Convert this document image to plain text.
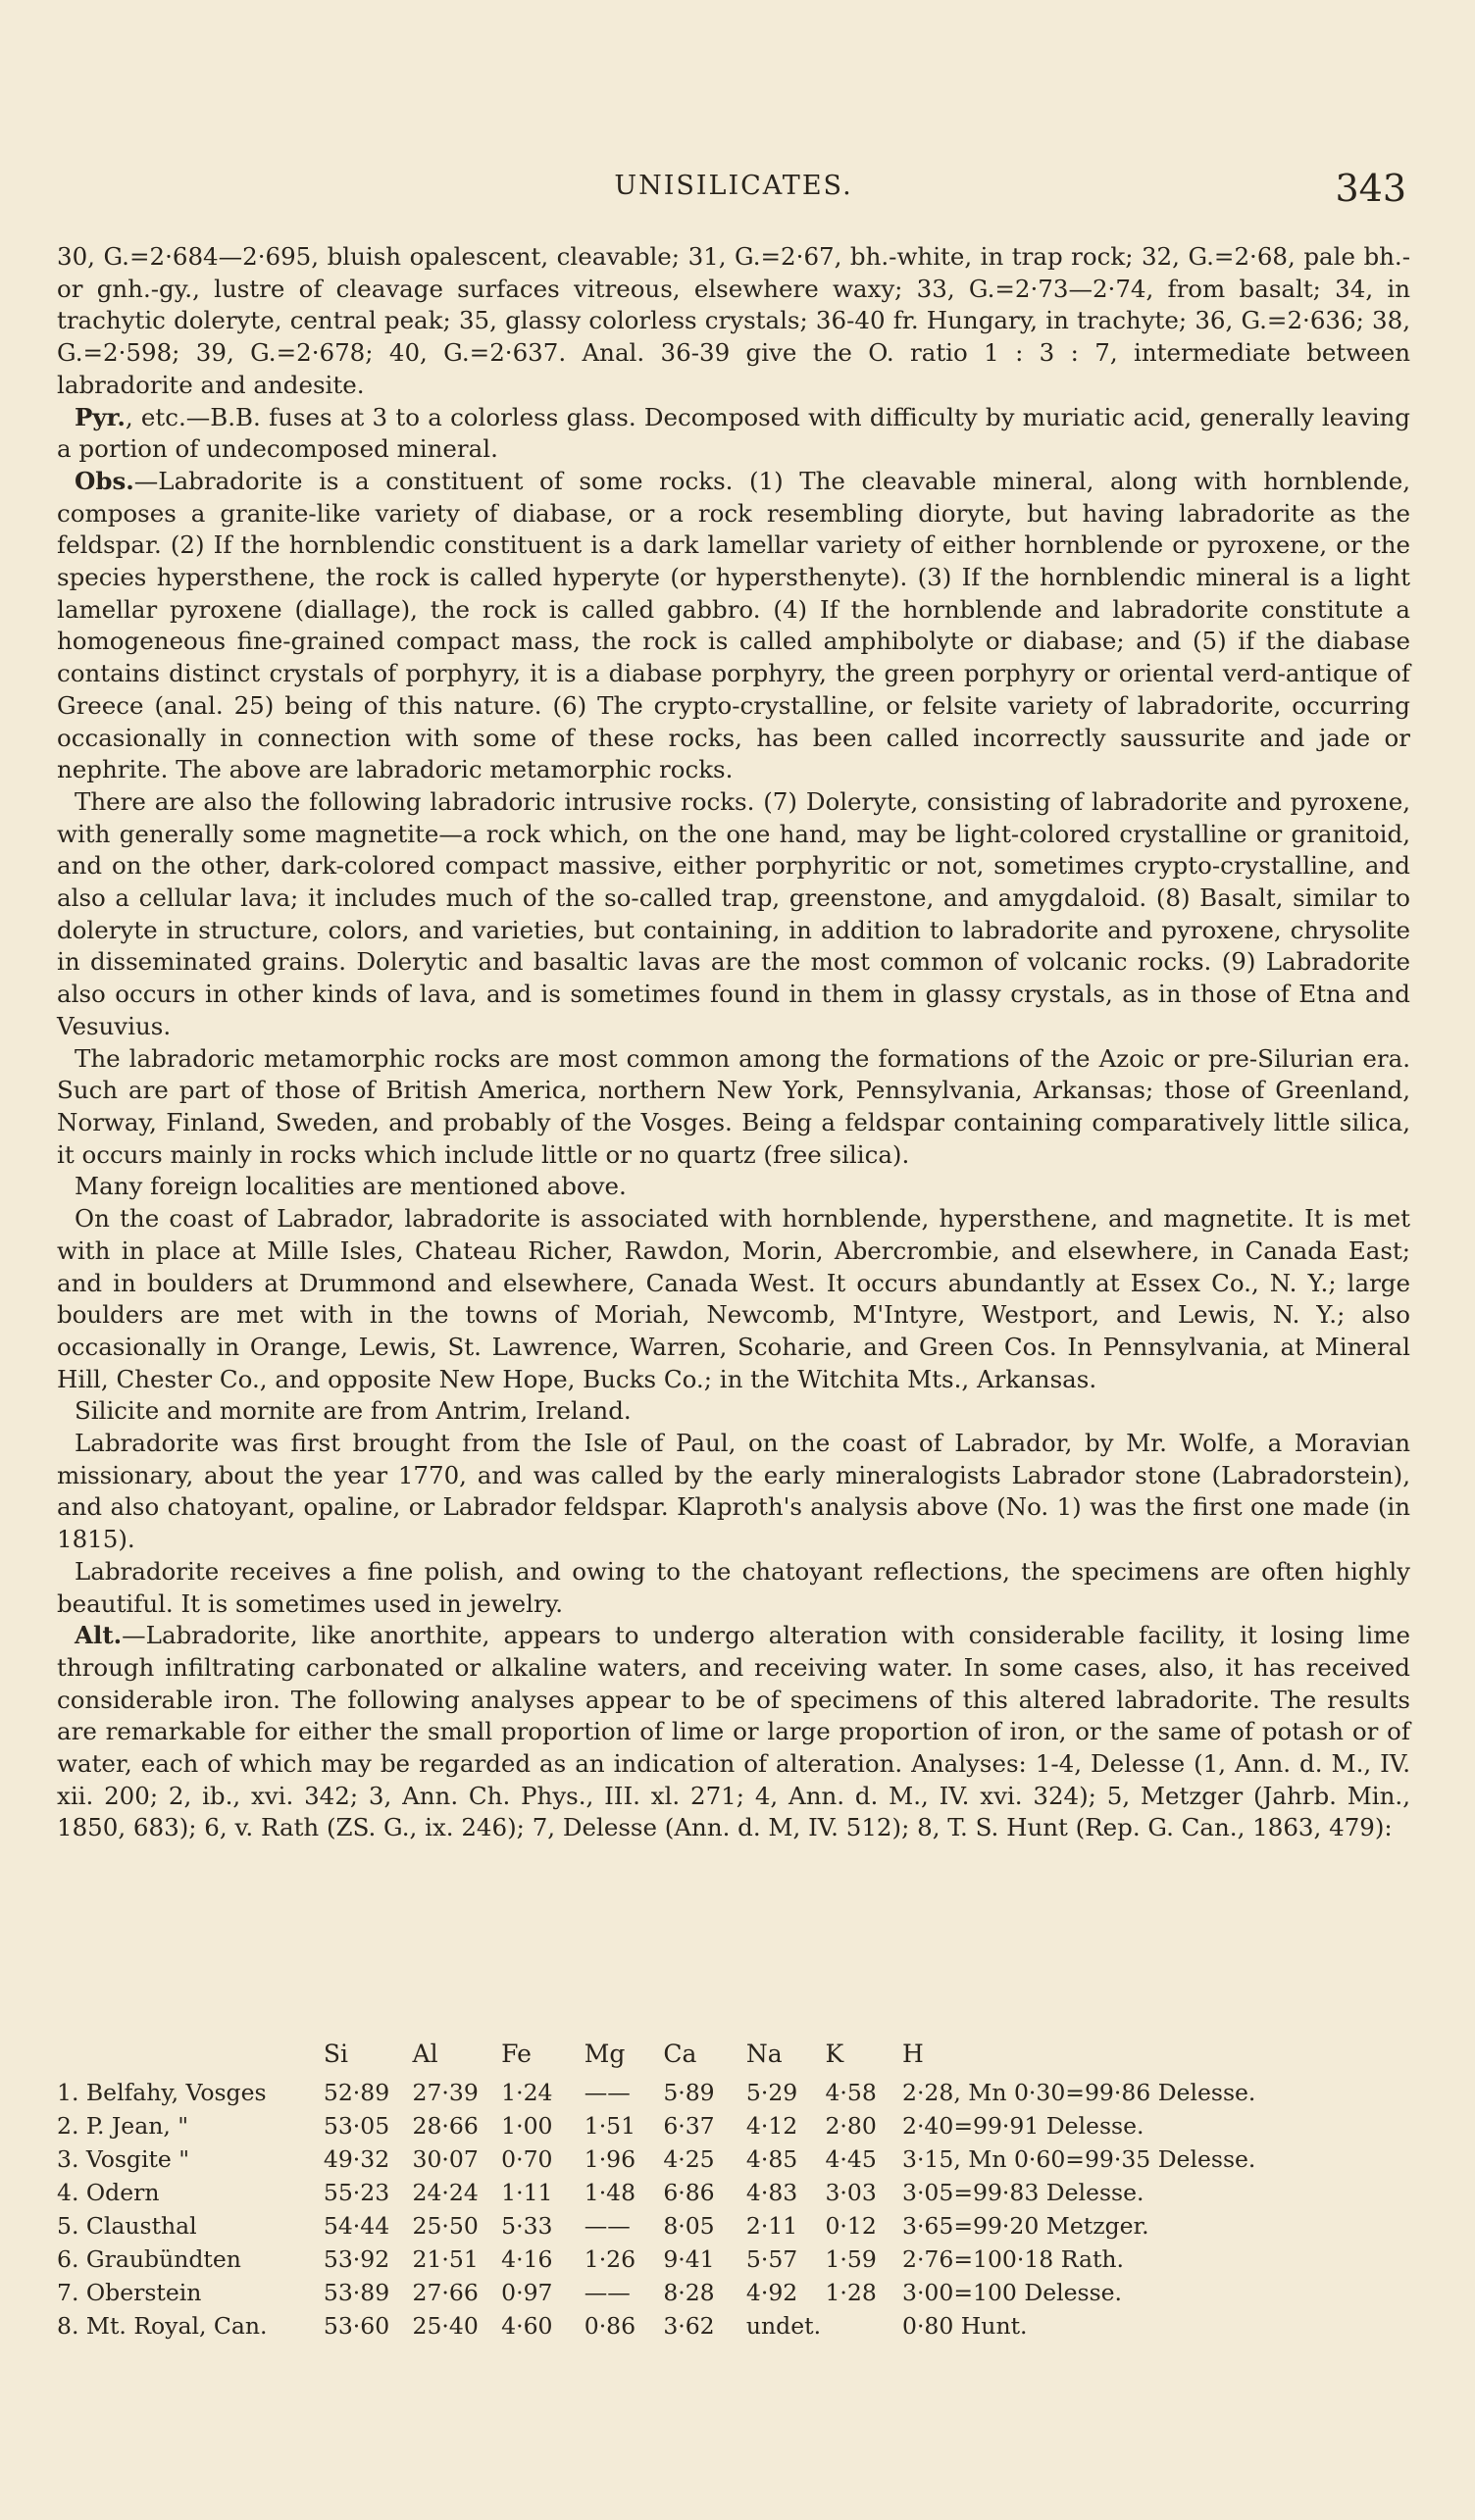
UNISILICATES.	343

30, G.=2·684—2·695, bluish opalescent, cleavable; 31, G.=2·67, bh.-white, in trap rock; 32, G.=2·68, pale bh.- or gnh.-gy., lustre of cleavage surfaces vitreous, elsewhere waxy; 33, G.=2·73—2·74, from basalt; 34, in trachytic doleryte, central peak; 35, glassy colorless crystals; 36-40 fr. Hungary, in trachyte; 36, G.=2·636; 38, G.=2·598; 39, G.=2·678; 40, G.=2·637. Anal. 36-39 give the O. ratio 1 : 3 : 7, intermediate between labradorite and andesite.

Pyr., etc.—B.B. fuses at 3 to a colorless glass. Decomposed with difficulty by muriatic acid, generally leaving a portion of undecomposed mineral.

Obs.—Labradorite is a constituent of some rocks. (1) The cleavable mineral, along with hornblende, composes a granite-like variety of diabase, or a rock resembling dioryte, but having labradorite as the feldspar. (2) If the hornblendic constituent is a dark lamellar variety of either hornblende or pyroxene, or the species hypersthene, the rock is called hyperyte (or hypersthenyte). (3) If the hornblendic mineral is a light lamellar pyroxene (diallage), the rock is called gabbro. (4) If the hornblende and labradorite constitute a homogeneous fine-grained compact mass, the rock is called amphibolyte or diabase; and (5) if the diabase contains distinct crystals of porphyry, it is a diabase porphyry, the green porphyry or oriental verd-antique of Greece (anal. 25) being of this nature. (6) The crypto-crystalline, or felsite variety of labradorite, occurring occasionally in connection with some of these rocks, has been called incorrectly saussurite and jade or nephrite. The above are labradoric metamorphic rocks.

There are also the following labradoric intrusive rocks. (7) Doleryte, consisting of labradorite and pyroxene, with generally some magnetite—a rock which, on the one hand, may be light-colored crystalline or granitoid, and on the other, dark-colored compact massive, either porphyritic or not, sometimes crypto-crystalline, and also a cellular lava; it includes much of the so-called trap, greenstone, and amygdaloid. (8) Basalt, similar to doleryte in structure, colors, and varieties, but containing, in addition to labradorite and pyroxene, chrysolite in disseminated grains. Dolerytic and basaltic lavas are the most common of volcanic rocks. (9) Labradorite also occurs in other kinds of lava, and is sometimes found in them in glassy crystals, as in those of Etna and Vesuvius.

The labradoric metamorphic rocks are most common among the formations of the Azoic or pre-Silurian era. Such are part of those of British America, northern New York, Pennsylvania, Arkansas; those of Greenland, Norway, Finland, Sweden, and probably of the Vosges. Being a feldspar containing comparatively little silica, it occurs mainly in rocks which include little or no quartz (free silica).

Many foreign localities are mentioned above.

On the coast of Labrador, labradorite is associated with hornblende, hypersthene, and magnetite. It is met with in place at Mille Isles, Chateau Richer, Rawdon, Morin, Abercrombie, and elsewhere, in Canada East; and in boulders at Drummond and elsewhere, Canada West. It occurs abundantly at Essex Co., N. Y.; large boulders are met with in the towns of Moriah, Newcomb, M'Intyre, Westport, and Lewis, N. Y.; also occasionally in Orange, Lewis, St. Lawrence, Warren, Scoharie, and Green Cos. In Pennsylvania, at Mineral Hill, Chester Co., and opposite New Hope, Bucks Co.; in the Witchita Mts., Arkansas.

Silicite and mornite are from Antrim, Ireland.

Labradorite was first brought from the Isle of Paul, on the coast of Labrador, by Mr. Wolfe, a Moravian missionary, about the year 1770, and was called by the early mineralogists Labrador stone (Labradorstein), and also chatoyant, opaline, or Labrador feldspar. Klaproth's analysis above (No. 1) was the first one made (in 1815).

Labradorite receives a fine polish, and owing to the chatoyant reflections, the specimens are often highly beautiful. It is sometimes used in jewelry.

Alt.—Labradorite, like anorthite, appears to undergo alteration with considerable facility, it losing lime through infiltrating carbonated or alkaline waters, and receiving water. In some cases, also, it has received considerable iron. The following analyses appear to be of specimens of this altered labradorite. The results are remarkable for either the small proportion of lime or large proportion of iron, or the same of potash or of water, each of which may be regarded as an indication of alteration. Analyses: 1-4, Delesse (1, Ann. d. M., IV. xii. 200; 2, ib., xvi. 342; 3, Ann. Ch. Phys., III. xl. 271; 4, Ann. d. M., IV. xvi. 324); 5, Metzger (Jahrb. Min., 1850, 683); 6, v. Rath (ZS. G., ix. 246); 7, Delesse (Ann. d. M, IV. 512); 8, T. S. Hunt (Rep. G. Can., 1863, 479):

	Si	Al	Fe	Mg	Ca	Na	K	H
1. Belfahy, Vosges	52·89	27·39	1·24	——	5·89	5·29	4·58	2·28, Mn 0·30=99·86 Delesse.
2. P. Jean, "	53·05	28·66	1·00	1·51	6·37	4·12	2·80	2·40=99·91 Delesse.
3. Vosgite "	49·32	30·07	0·70	1·96	4·25	4·85	4·45	3·15, Mn 0·60=99·35 Delesse.
4. Odern	55·23	24·24	1·11	1·48	6·86	4·83	3·03	3·05=99·83 Delesse.
5. Clausthal	54·44	25·50	5·33	——	8·05	2·11	0·12	3·65=99·20 Metzger.
6. Graubündten	53·92	21·51	4·16	1·26	9·41	5·57	1·59	2·76=100·18 Rath.
7. Oberstein	53·89	27·66	0·97	——	8·28	4·92	1·28	3·00=100 Delesse.
8. Mt. Royal, Can.	53·60	25·40	4·60	0·86	3·62	undet.		0·80 Hunt.
